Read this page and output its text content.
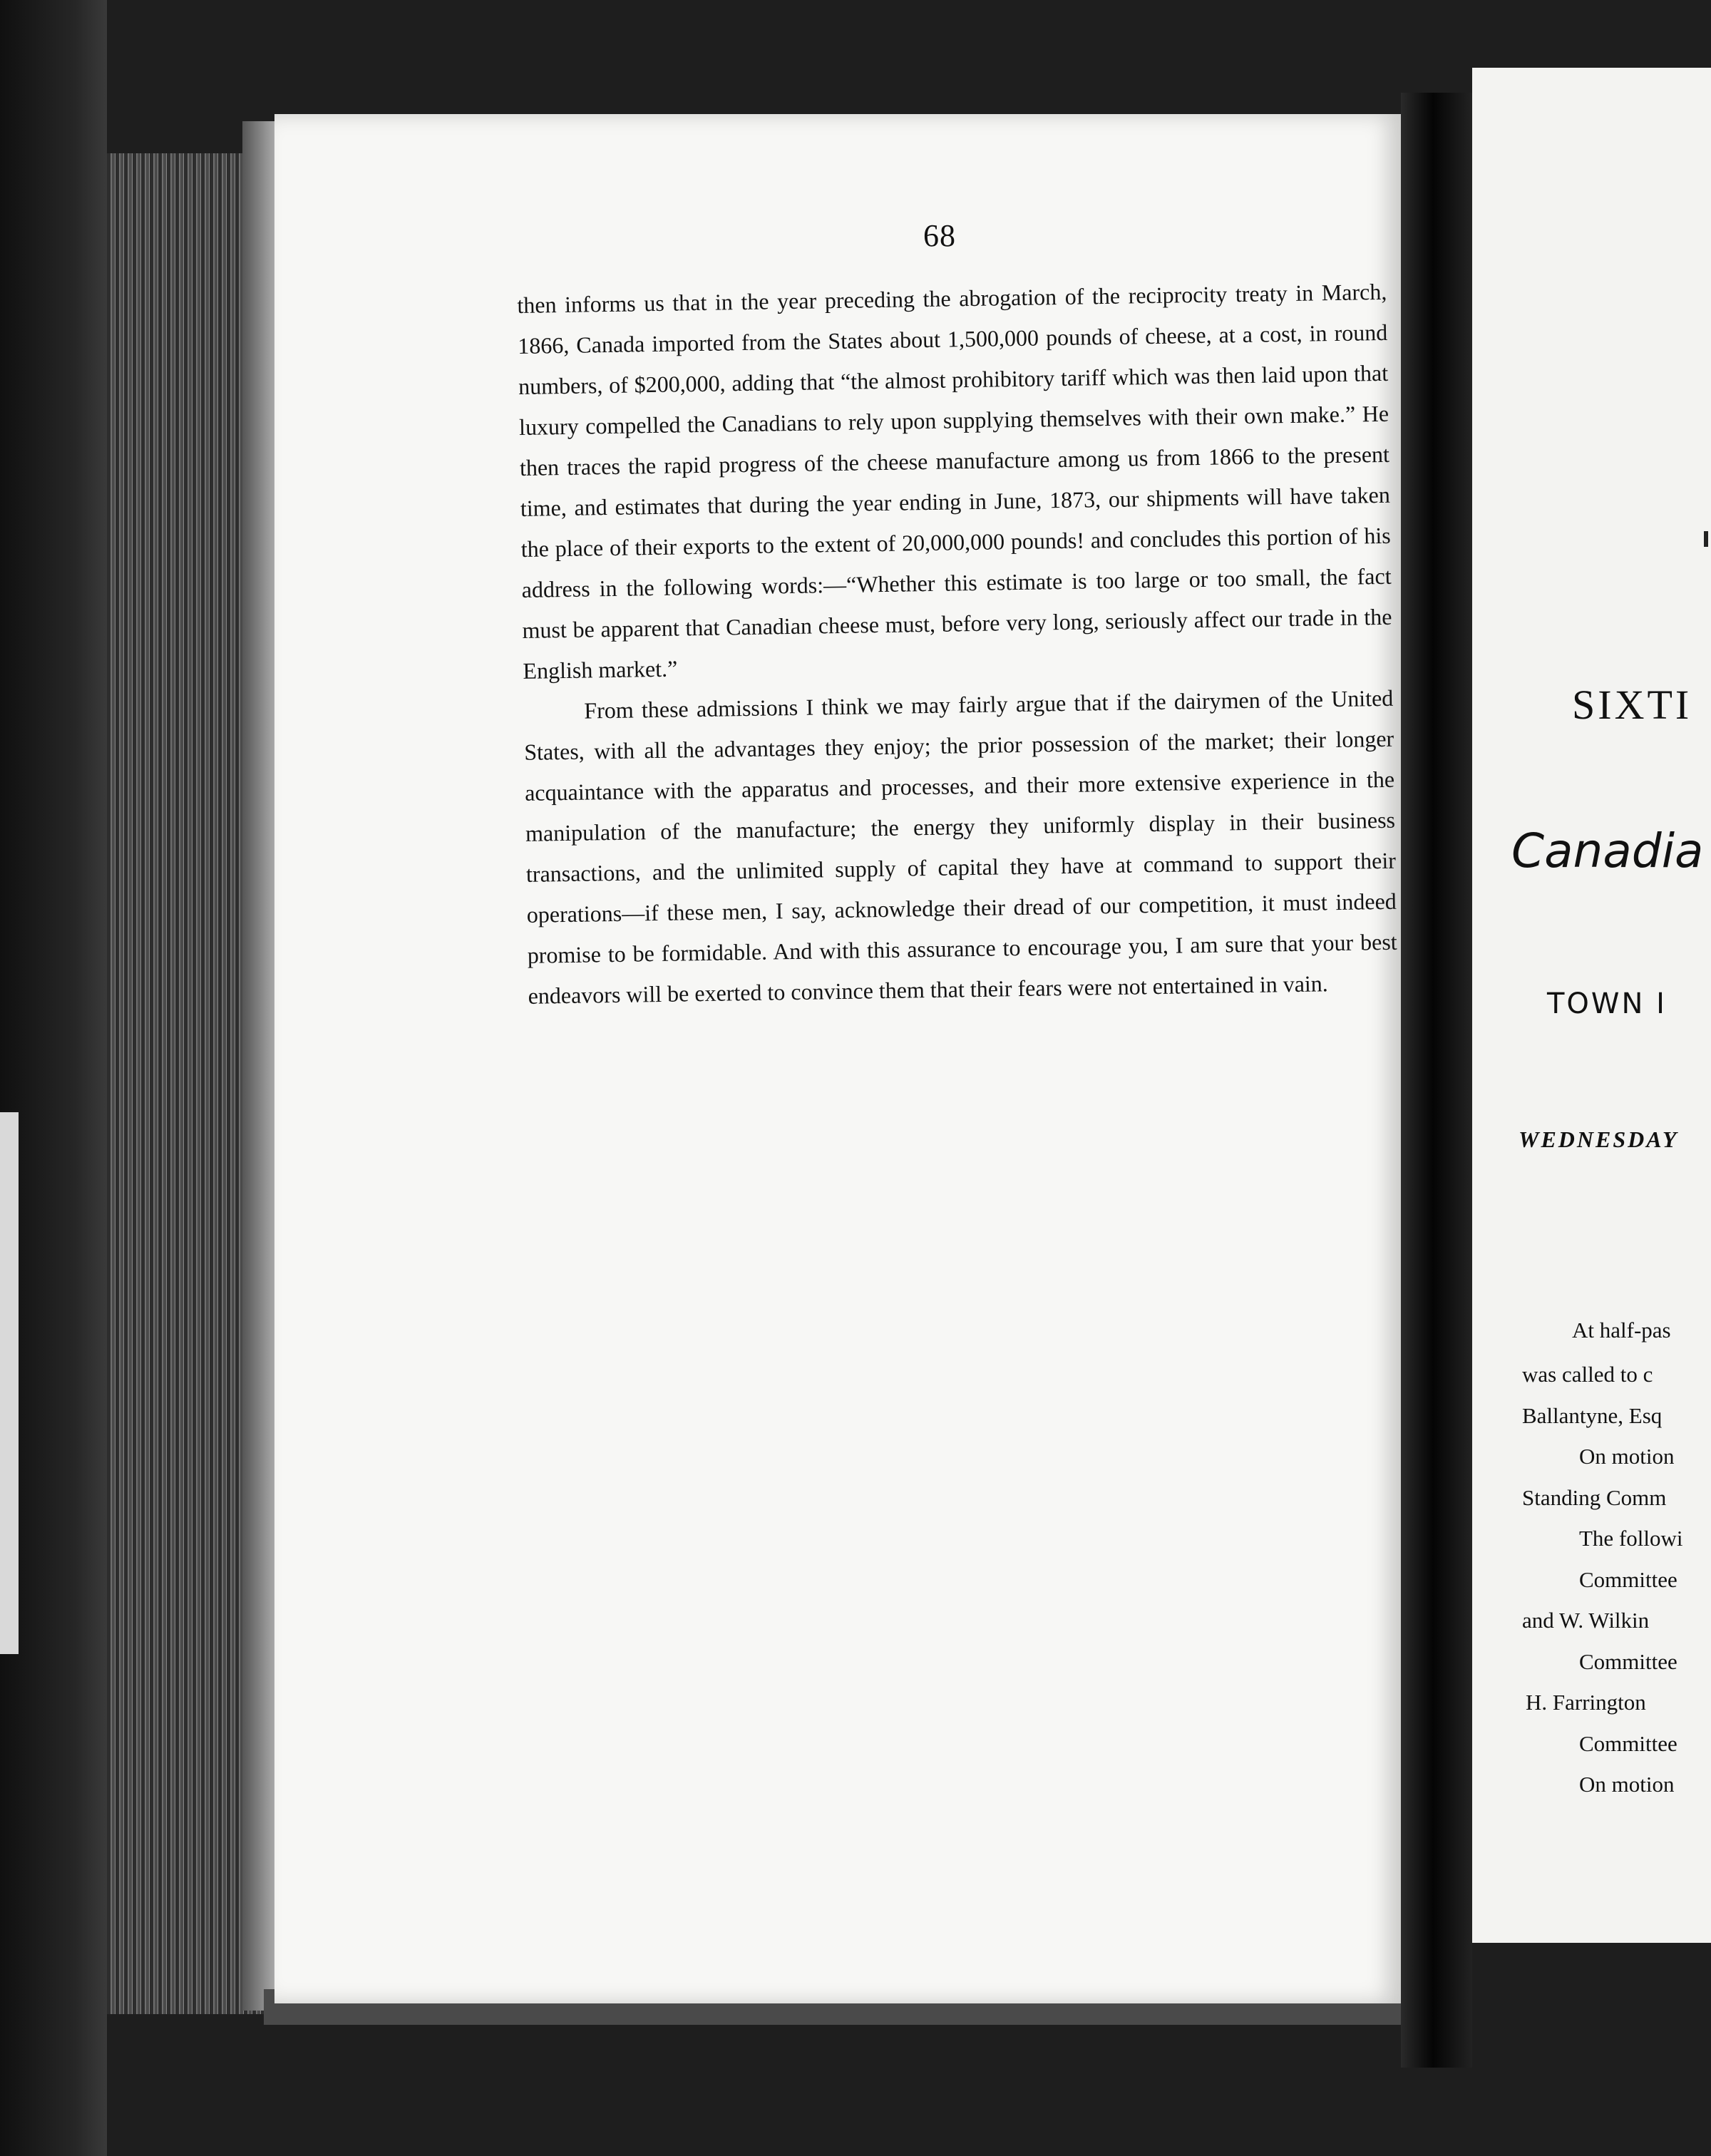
68

then informs us that in the year preceding the abrogation of the reciprocity treaty in March, 1866, Canada imported from the States about 1,500,000 pounds of cheese, at a cost, in round numbers, of $200,000, adding that “the almost prohibitory tariff which was then laid upon that luxury compelled the Canadians to rely upon supplying themselves with their own make.” He then traces the rapid progress of the cheese manufacture among us from 1866 to the present time, and estimates that during the year ending in June, 1873, our shipments will have taken the place of their exports to the extent of 20,000,000 pounds! and concludes this portion of his address in the following words:—“Whether this estimate is too large or too small, the fact must be apparent that Canadian cheese must, before very long, seriously affect our trade in the English market.”

From these admissions I think we may fairly argue that if the dairymen of the United States, with all the advantages they enjoy; the prior possession of the market; their longer acquaintance with the apparatus and processes, and their more extensive experience in the manipulation of the manufacture; the energy they uniformly display in their business transactions, and the unlimited supply of capital they have at command to support their operations—if these men, I say, acknowledge their dread of our competition, it must indeed promise to be formidable. And with this assurance to encourage you, I am sure that your best endeavors will be exerted to convince them that their fears were not entertained in vain.

SIXTI
Canadia
TOWN I
WEDNESDAY
At half-pas
was called to c
Ballantyne, Esq
On motion
Standing Comm
The followi
Committee
and W. Wilkin
Committee
H. Farrington
Committee
On motion
